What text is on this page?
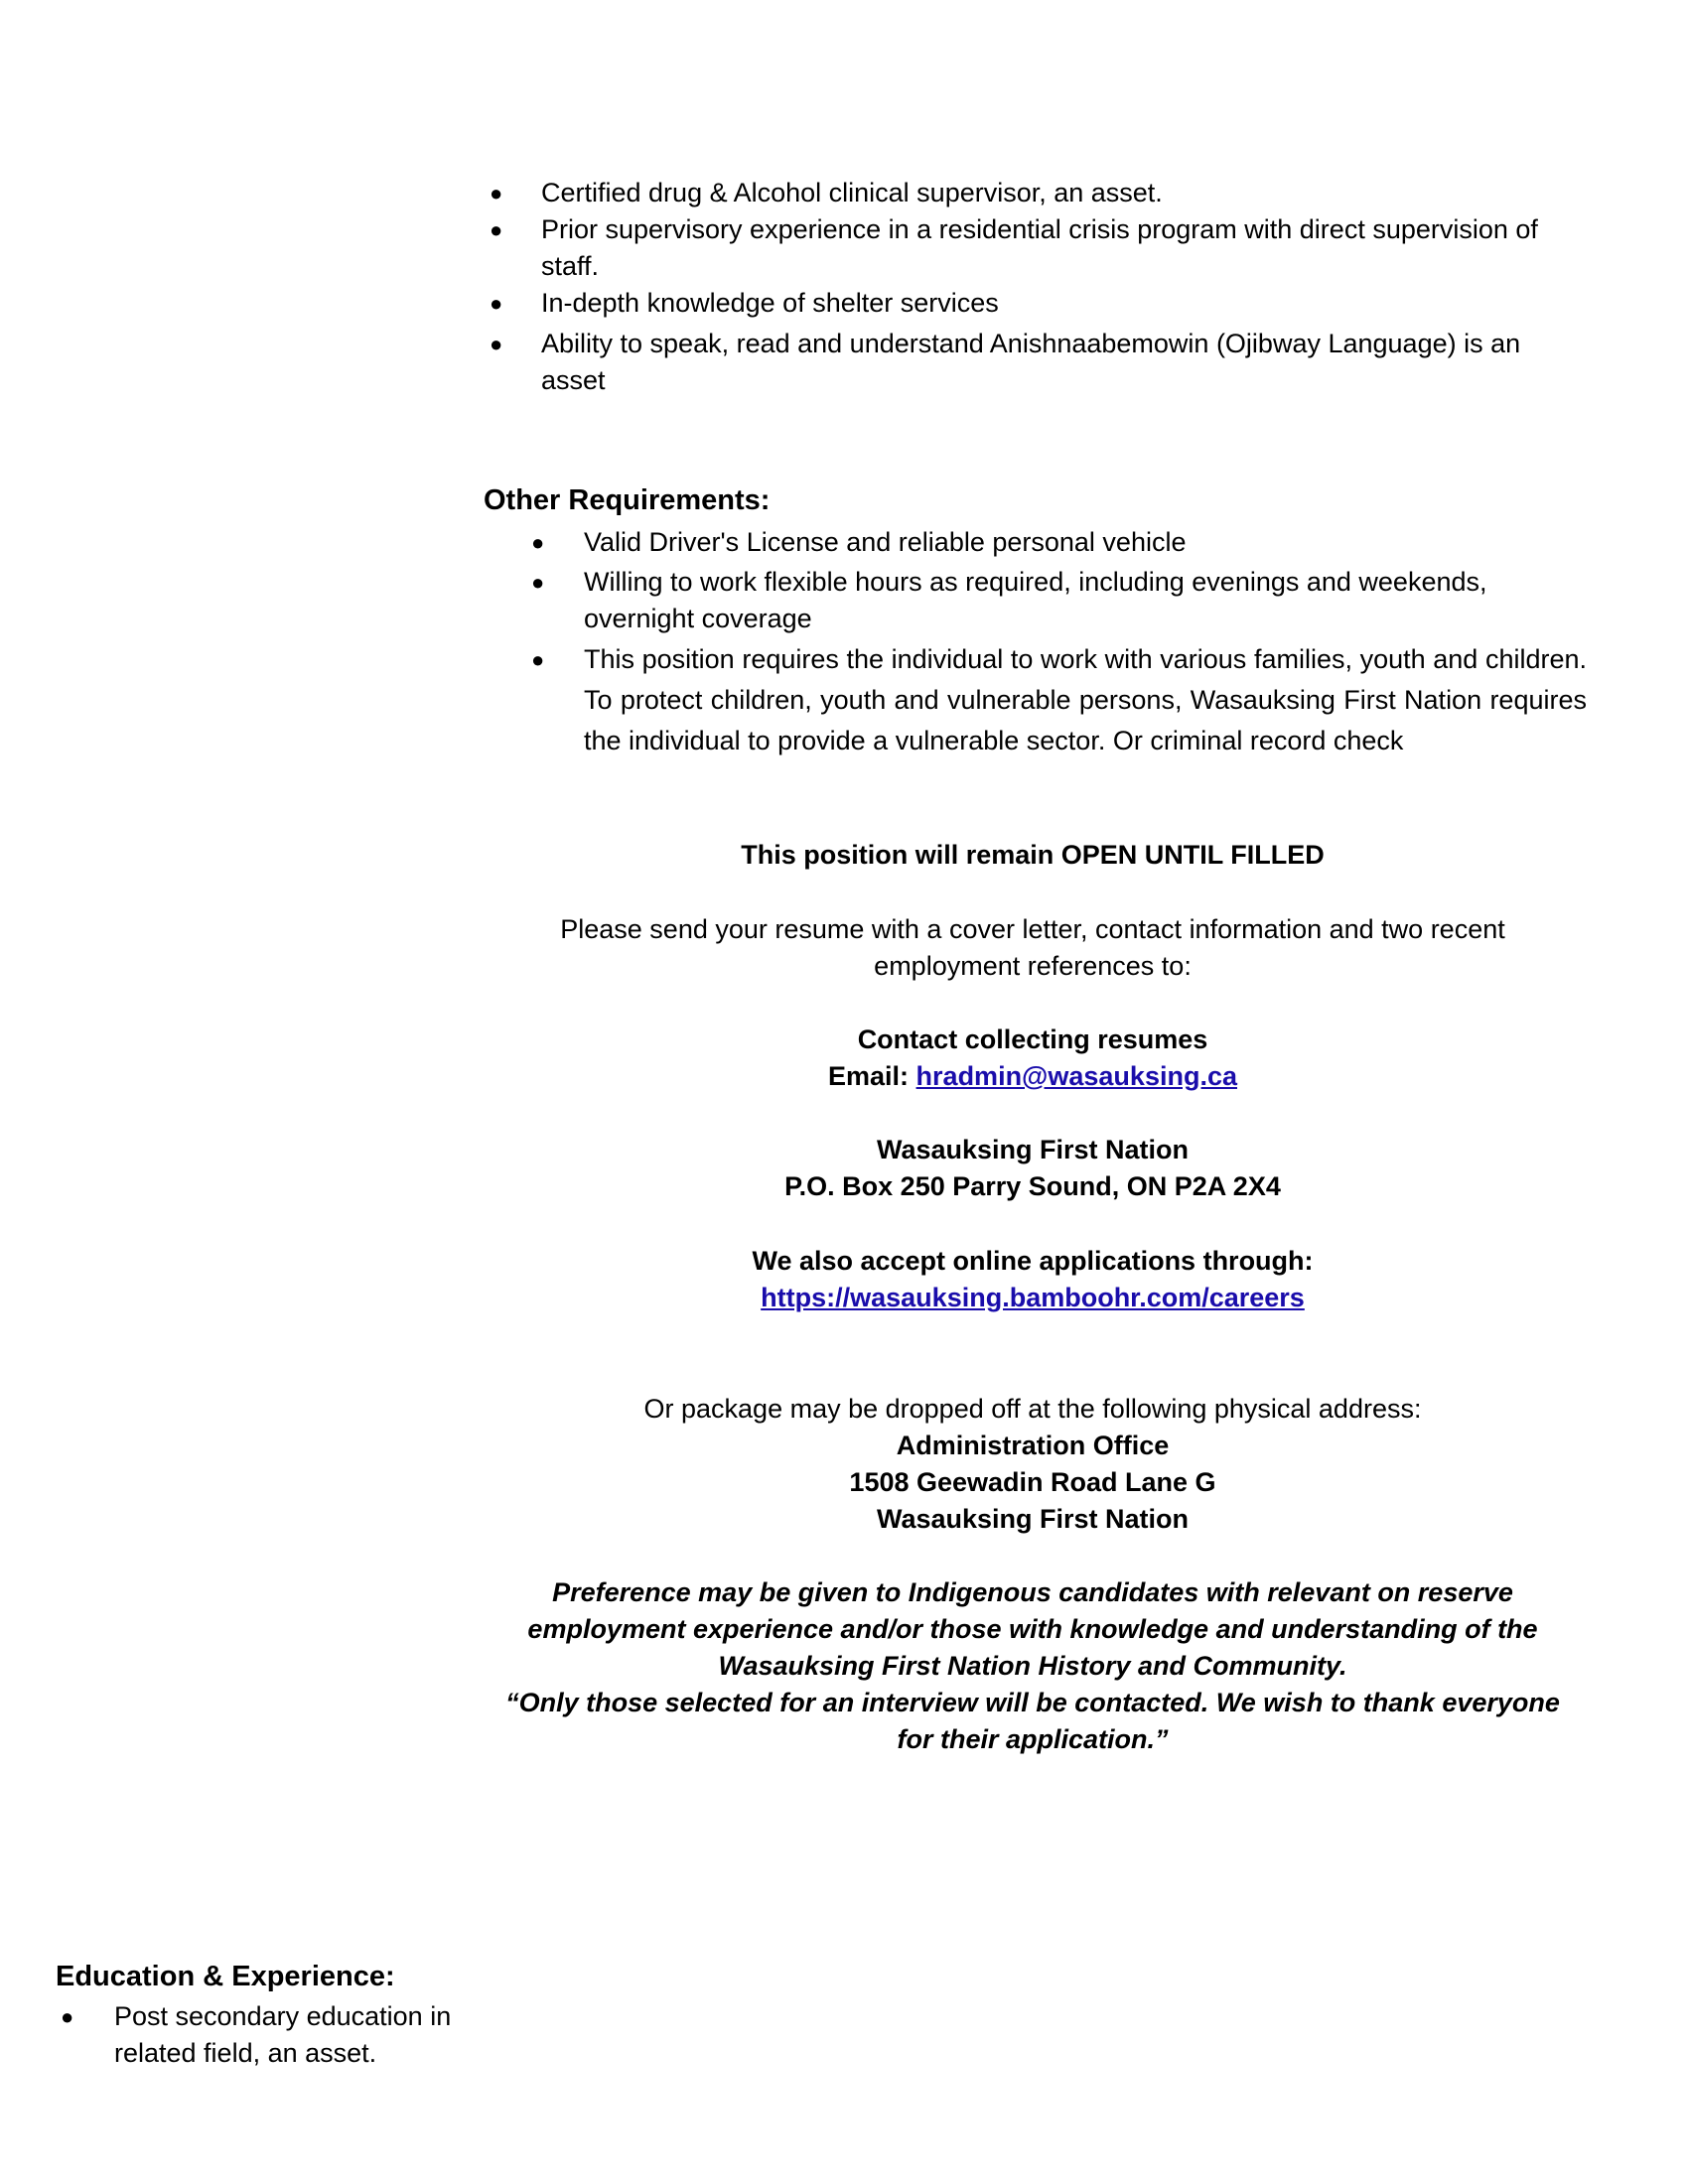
● Certified drug & Alcohol clinical supervisor, an asset.
● Prior supervisory experience in a residential crisis program with direct supervision of staff.
● In-depth knowledge of shelter services
● Ability to speak, read and understand Anishnaabemowin (Ojibway Language) is an asset
Other Requirements:
● Valid Driver's License and reliable personal vehicle
● Willing to work flexible hours as required, including evenings and weekends, overnight coverage
● This position requires the individual to work with various families, youth and children. To protect children, youth and vulnerable persons, Wasauksing First Nation requires the individual to provide a vulnerable sector. Or criminal record check
This position will remain OPEN UNTIL FILLED
Please send your resume with a cover letter, contact information and two recent employment references to:
Contact collecting resumes
Email: hradmin@wasauksing.ca
Wasauksing First Nation
P.O. Box 250 Parry Sound, ON P2A 2X4
We also accept online applications through:
https://wasauksing.bamboohr.com/careers
Or package may be dropped off at the following physical address:
Administration Office
1508 Geewadin Road Lane G
Wasauksing First Nation
Preference may be given to Indigenous candidates with relevant on reserve employment experience and/or those with knowledge and understanding of the Wasauksing First Nation History and Community.
“Only those selected for an interview will be contacted. We wish to thank everyone for their application.”
Education & Experience:
● Post secondary education in related field, an asset.
